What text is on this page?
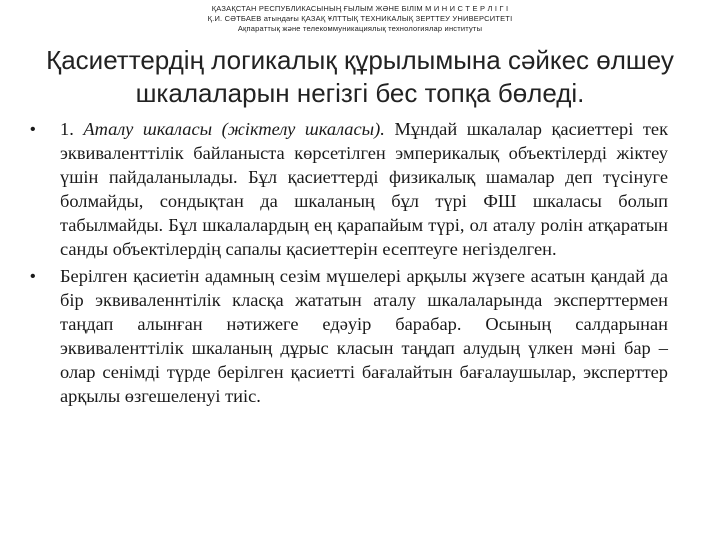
ҚАЗАҚСТАН РЕСПУБЛИКАСЫНЫҢ ҒЫЛЫМ ЖӘНЕ БІЛІМ М И Н И С Т Е Р Л І Г І
Қ.И. СӘТБАЕВ атындағы ҚАЗАҚ ҰЛТТЫҚ ТЕХНИКАЛЫҚ ЗЕРТТЕУ УНИВЕРСИТЕТІ
Ақпараттық және телекоммуникациялық технологиялар институты
Қасиеттердің логикалық құрылымына сәйкес өлшеу шкалаларын негізгі бес топқа бөледі.
• 1. Аталу шкаласы (жіктелу шкаласы). Мұндай шкалалар қасиеттері тек эквиваленттілік байланыста көрсетілген эмперикалық объектілерді жіктеу үшін пайдаланылады. Бұл қасиеттерді физикалық шамалар деп түсінуге болмайды, сондықтан да шкаланың бұл түрі ФШ шкаласы болып табылмайды. Бұл шкалалардың ең қарапайым түрі, ол аталу ролін атқаратын санды объектілердің сапалы қасиеттерін есептеуге негізделген.
• Берілген қасиетін адамның сезім мүшелері арқылы жүзеге асатын қандай да бір эквиваленнтілік класқа жататын аталу шкалаларында эксперттермен таңдап алынған нәтижеге едәуір барабар. Осының салдарынан эквиваленттілік шкаланың дұрыс класын таңдап алудың үлкен мәні бар – олар сенімді түрде берілген қасиетті бағалайтын бағалаушылар, эксперттер арқылы өзгешеленуі тиіс.
